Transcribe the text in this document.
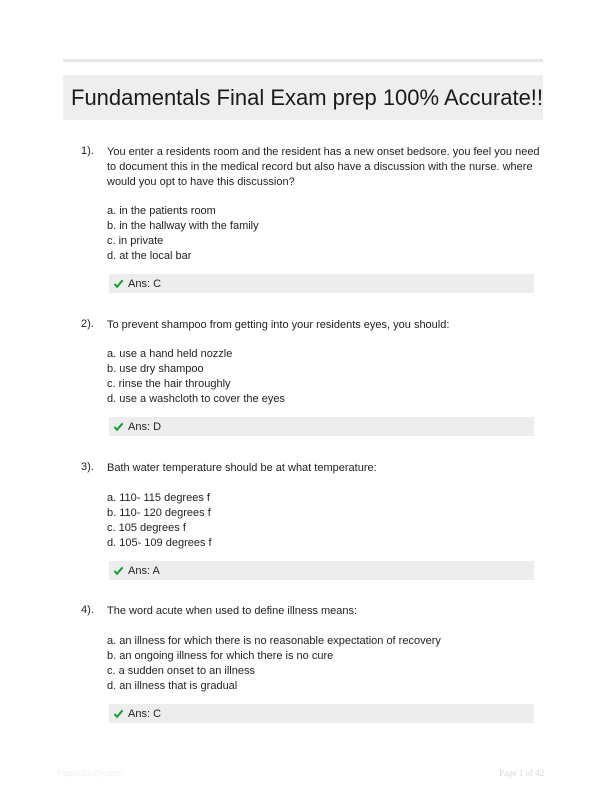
Fundamentals Final Exam prep 100% Accurate!!
1). You enter a residents room and the resident has a new onset bedsore. you feel you need to document this in the medical record but also have a discussion with the nurse. where would you opt to have this discussion?

a. in the patients room
b. in the hallway with the family
c. in private
d. at the local bar
Ans: C
2). To prevent shampoo from getting into your residents eyes, you should:

a. use a hand held nozzle
b. use dry shampoo
c. rinse the hair throughly
d. use a washcloth to cover the eyes
Ans: D
3). Bath water temperature should be at what temperature:

a. 110- 115 degrees f
b. 110- 120 degrees f
c. 105 degrees f
d. 105- 109 degrees f
Ans: A
4). The word acute when used to define illness means:

a. an illness for which there is no reasonable expectation of recovery
b. an ongoing illness for which there is no cure
c. a sudden onset to an illness
d. an illness that is gradual
Ans: C
PaperStudy.com	Page 1 of 42
